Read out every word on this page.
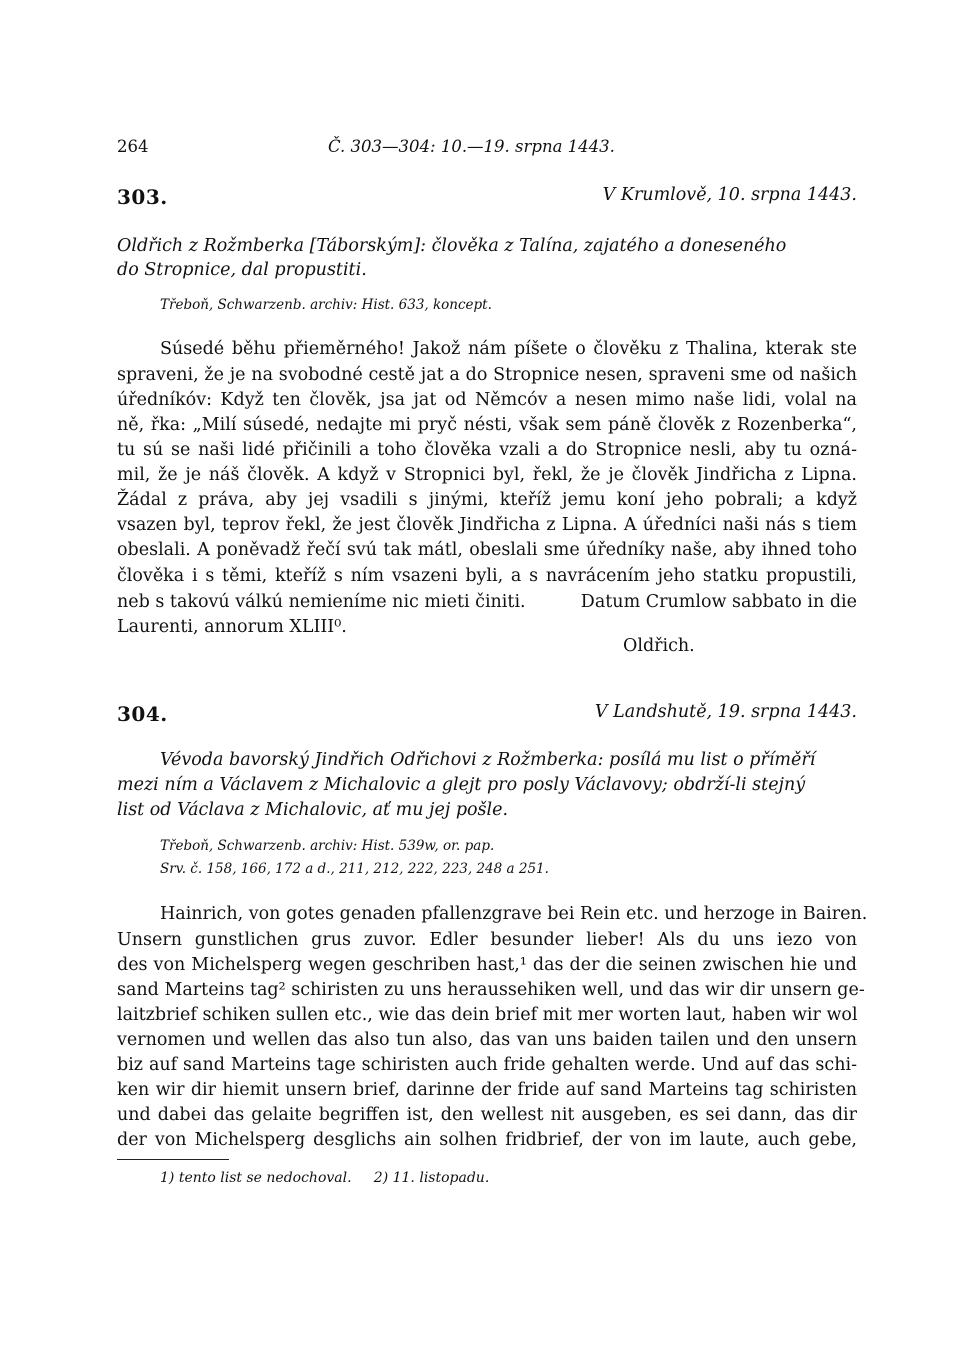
264	Č. 303—304: 10.—19. srpna 1443.
303.	V Krumlově, 10. srpna 1443.
Oldřich z Rožmberka [Táborským]: člověka z Talína, zajatého a doneseného
do Stropnice, dal propustiti.
Třeboň, Schwarzenb. archiv: Hist. 633, koncept.
Súsedé běhu přieměrného! Jakož nám píšete o člověku z Thalina, kterak ste
spraveni, že je na svobodné cestě jat a do Stropnice nesen, spraveni sme od našich
úředníkóv: Když ten člověk, jsa jat od Němcóv a nesen mimo naše lidi, volal na
ně, řka: „Milí súsedé, nedajte mi pryč nésti, však sem páně člověk z Rozenberka“,
tu sú se naši lidé přičinili a toho člověka vzali a do Stropnice nesli, aby tu ozná-
mil, že je náš člověk. A když v Stropnici byl, řekl, že je člověk Jindřicha z Lipna.
Žádal z práva, aby jej vsadili s jinými, kteříž jemu koní jeho pobrali; a když
vsazen byl, teprov řekl, že jest člověk Jindřicha z Lipna. A úředníci naši nás s tiem
obeslali. A poněvadž řečí svú tak mátl, obeslali sme úředníky naše, aby ihned toho
člověka i s těmi, kteříž s ním vsazeni byli, a s navrácením jeho statku propustili,
neb s takovú válkú nemieníme nic mieti činiti.	Datum Crumlow sabbato in die
Laurenti, annorum XLIII⁰.
Oldřich.
304.	V Landshutě, 19. srpna 1443.
Vévoda bavorský Jindřich Odřichovi z Rožmberka: posílá mu list o příměří
mezi ním a Václavem z Michalovic a glejt pro posly Václavovy; obdrží-li stejný
list od Václava z Michalovic, ať mu jej pošle.
Třeboň, Schwarzenb. archiv: Hist. 539w, or. pap.
Srv. č. 158, 166, 172 a d., 211, 212, 222, 223, 248 a 251.
Hainrich, von gotes genaden pfallenzgrave bei Rein etc. und herzoge in Bairen.
Unsern gunstlichen grus zuvor. Edler besunder lieber! Als du uns iezo von
des von Michelsperg wegen geschriben hast,¹ das der die seinen zwischen hie und
sand Marteins tag² schiristen zu uns heraussehiken well, und das wir dir unsern ge-
laitzbrief schiken sullen etc., wie das dein brief mit mer worten laut, haben wir wol
vernomen und wellen das also tun also, das van uns baiden tailen und den unsern
biz auf sand Marteins tage schiristen auch fride gehalten werde. Und auf das schi-
ken wir dir hiemit unsern brief, darinne der fride auf sand Marteins tag schiristen
und dabei das gelaite begriffen ist, den wellest nit ausgeben, es sei dann, das dir
der von Michelsperg desglichs ain solhen fridbrief, der von im laute, auch gebe,
1) tento list se nedochoval.     2) 11. listopadu.
